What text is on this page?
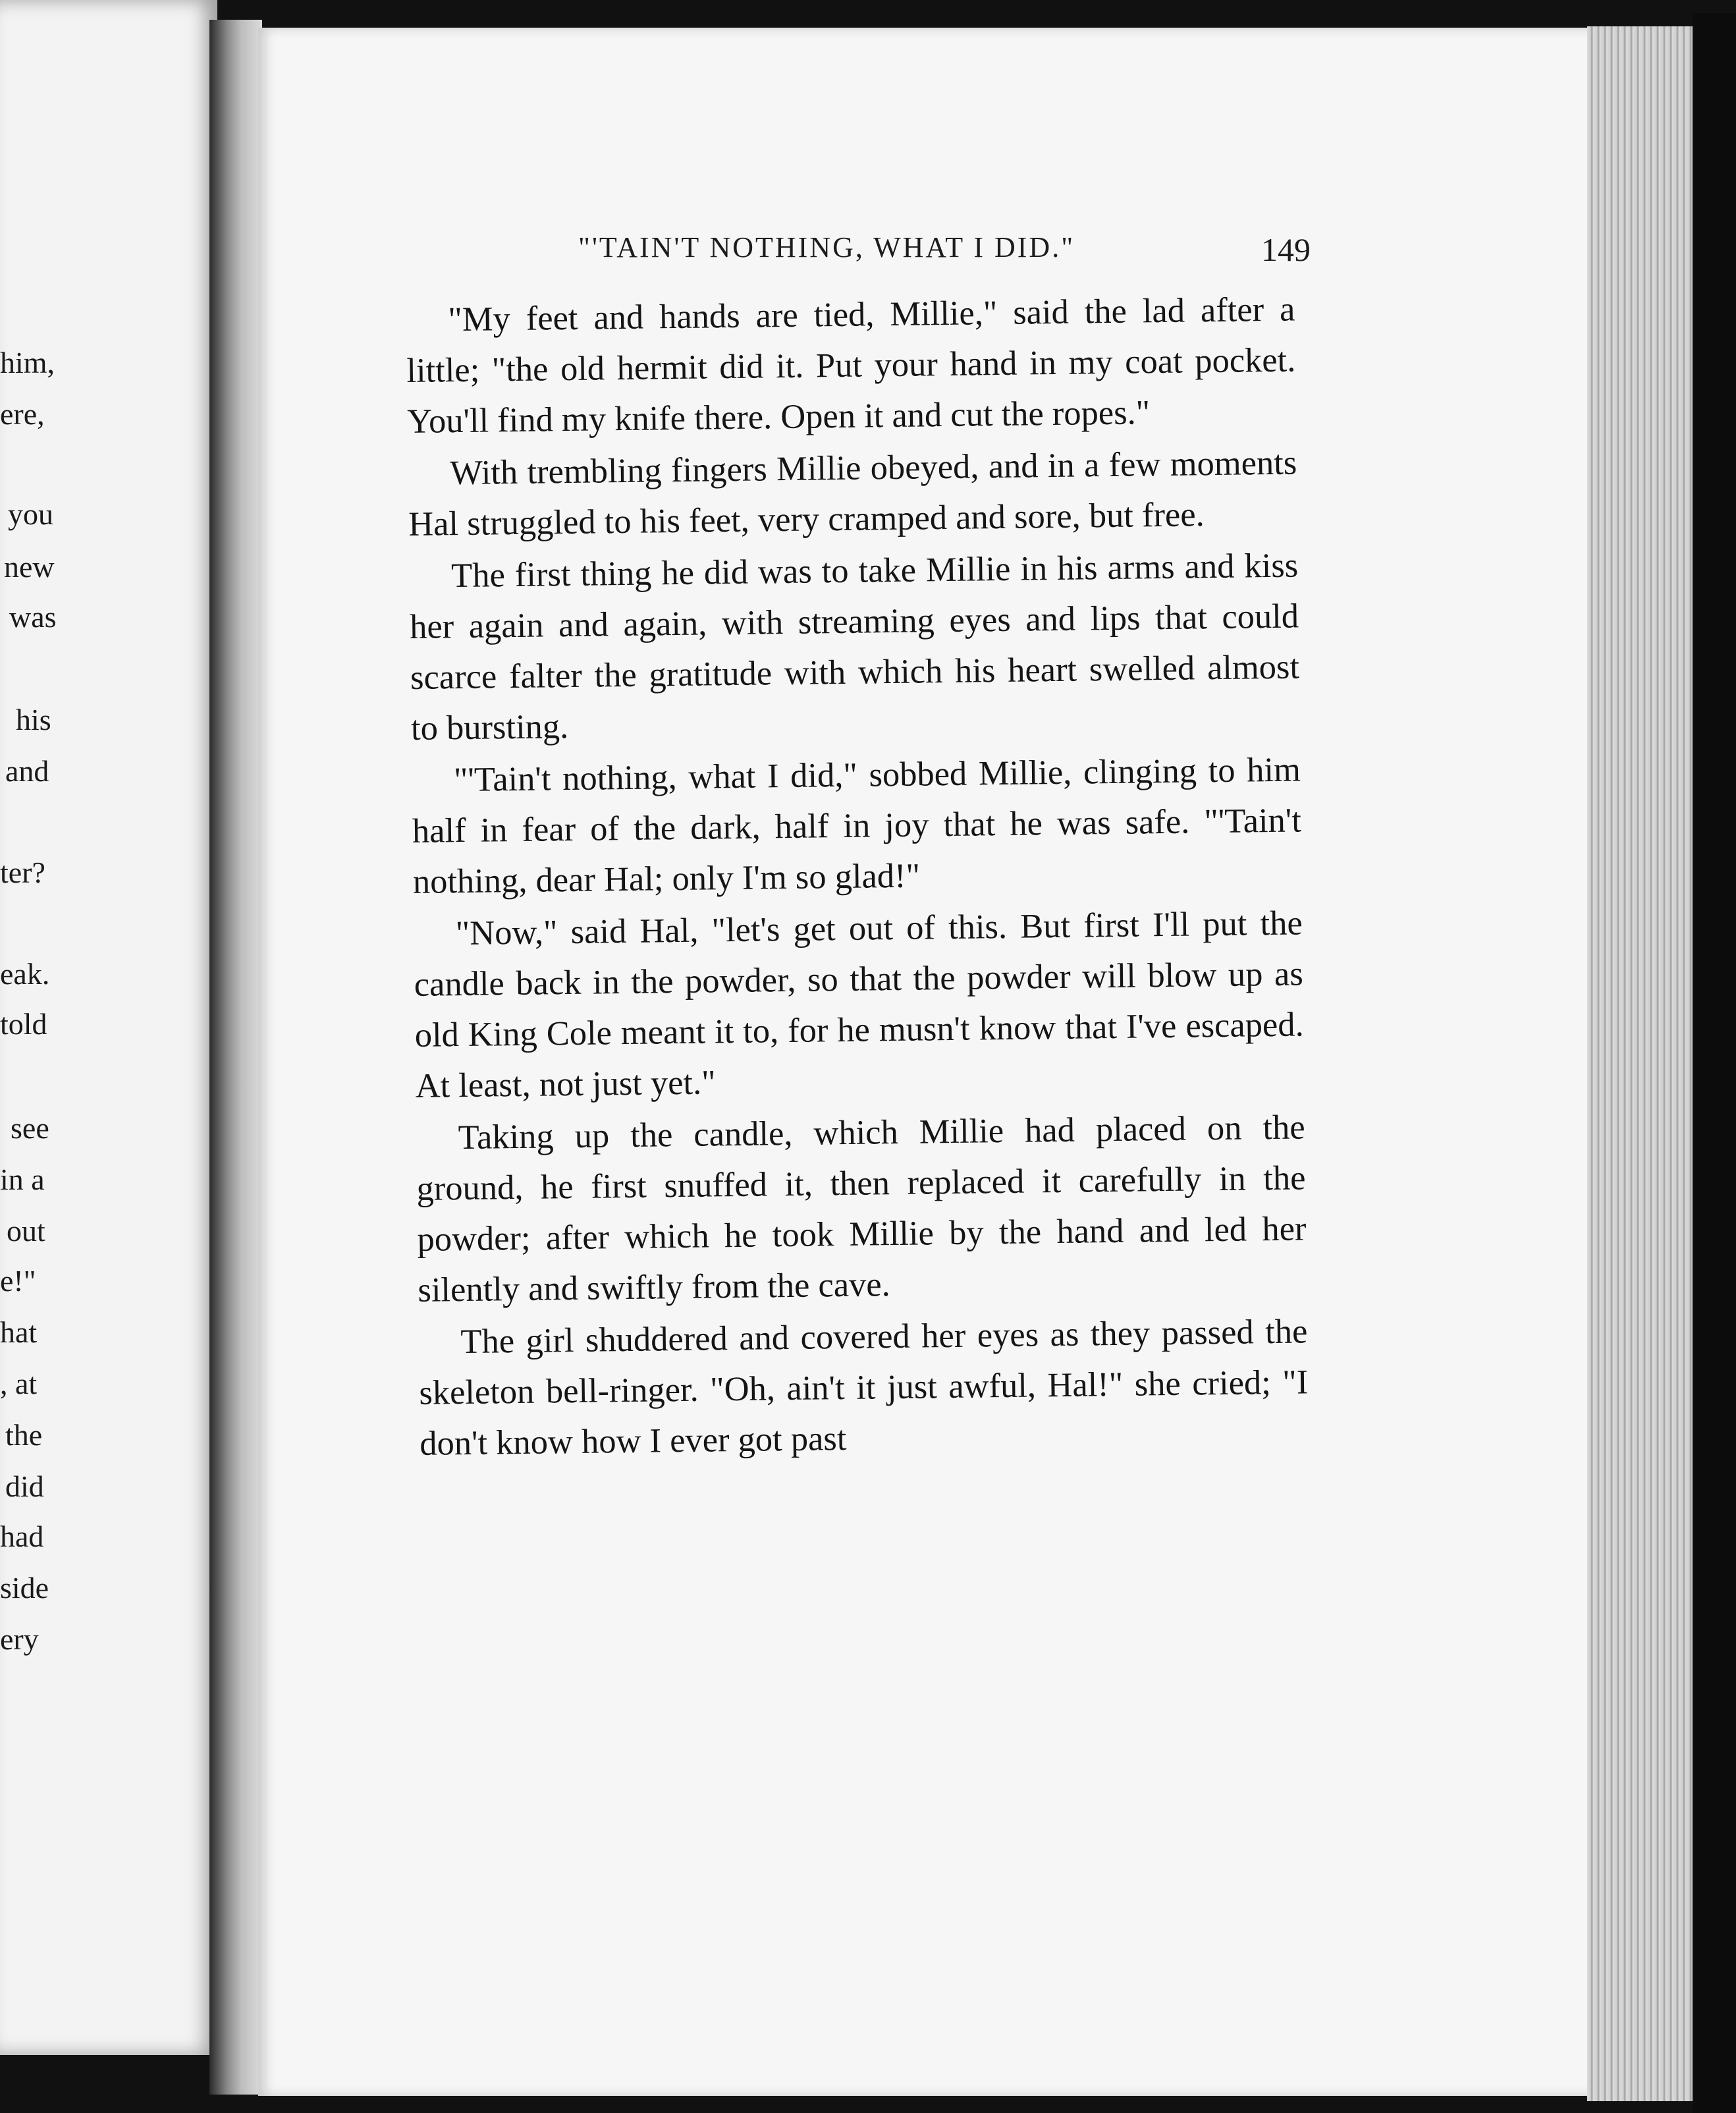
him,
ere,
you
new
was
his
and
ter?
eak.
told
see
in a
out
e!"
hat
, at
the
did
had
side
ery
"'TAIN'T NOTHING, WHAT I DID."	149

"My feet and hands are tied, Millie," said the lad after a little; "the old hermit did it. Put your hand in my coat pocket. You'll find my knife there. Open it and cut the ropes."

With trembling fingers Millie obeyed, and in a few moments Hal struggled to his feet, very cramped and sore, but free.

The first thing he did was to take Millie in his arms and kiss her again and again, with streaming eyes and lips that could scarce falter the gratitude with which his heart swelled almost to bursting.

"'Tain't nothing, what I did," sobbed Millie, clinging to him half in fear of the dark, half in joy that he was safe. "'Tain't nothing, dear Hal; only I'm so glad!"

"Now," said Hal, "let's get out of this. But first I'll put the candle back in the powder, so that the powder will blow up as old King Cole meant it to, for he musn't know that I've escaped. At least, not just yet."

Taking up the candle, which Millie had placed on the ground, he first snuffed it, then replaced it carefully in the powder; after which he took Millie by the hand and led her silently and swiftly from the cave.

The girl shuddered and covered her eyes as they passed the skeleton bell-ringer. "Oh, ain't it just awful, Hal!" she cried; "I don't know how I ever got past
